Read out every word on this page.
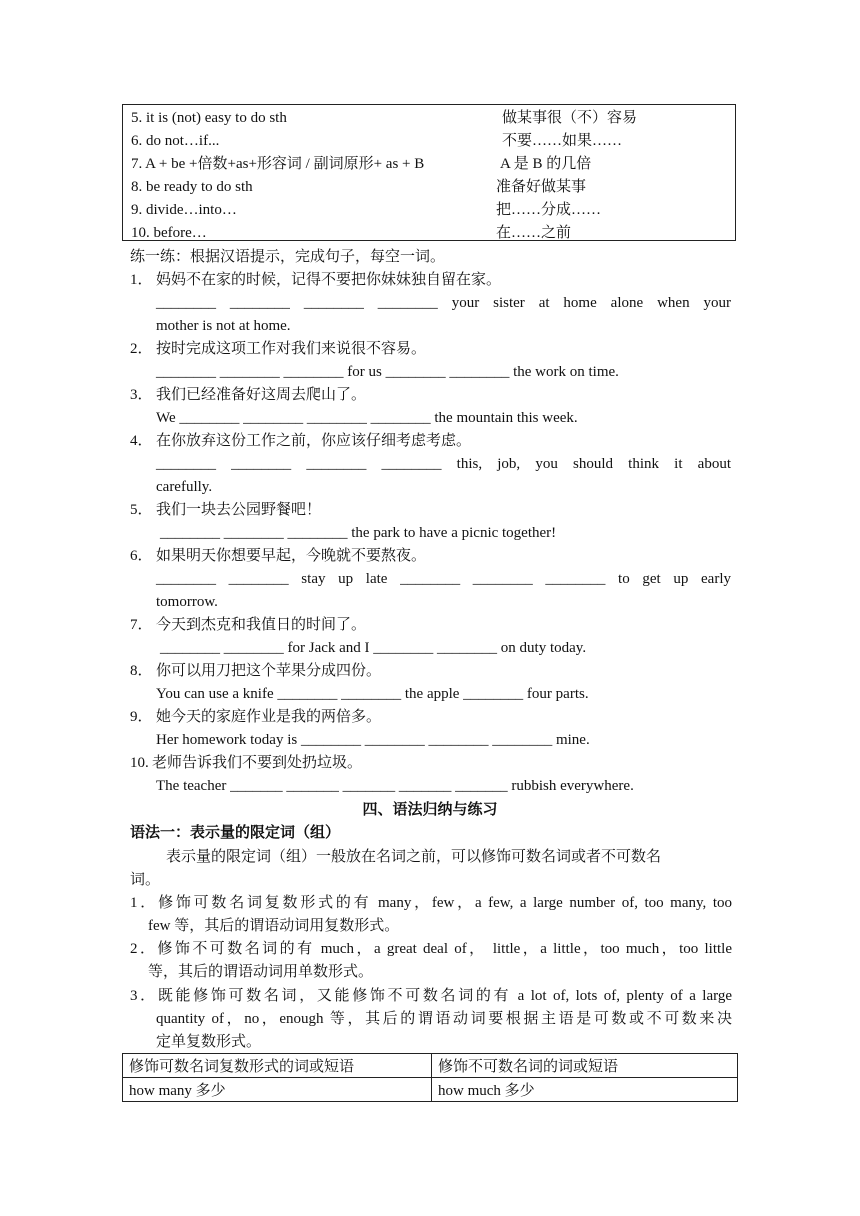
5. it is (not) easy to do sth	做某事很（不）容易
6. do not…if...	不要……如果……
7. A + be +倍数+as+形容词 / 副词原形+ as + B	A 是 B 的几倍
8. be ready to do sth	准备好做某事
9. divide…into…	把……分成……
10. before…	在……之前
练一练：根据汉语提示，完成句子，每空一词。
1． 妈妈不在家的时候，记得不要把你妹妹独自留在家。
________ ________ ________ ________ your sister at home alone when your
mother is not at home.
2． 按时完成这项工作对我们来说很不容易。
________ ________ ________ for us ________ ________ the work on time.
3． 我们已经准备好这周去爬山了。
We ________ ________ ________ ________ the mountain this week.
4． 在你放弃这份工作之前，你应该仔细考虑考虑。
________ ________ ________ ________ this, job, you should think it about
carefully.
5． 我们一块去公园野餐吧！
________ ________ ________ the park to have a picnic together!
6． 如果明天你想要早起，今晚就不要熬夜。
________ ________ stay up late ________ ________ ________ to get up early
tomorrow.
7． 今天到杰克和我值日的时间了。
________ ________ for Jack and I ________ ________ on duty today.
8． 你可以用刀把这个苹果分成四份。
You can use a knife ________ ________ the apple ________ four parts.
9． 她今天的家庭作业是我的两倍多。
Her homework today is ________ ________ ________ ________ mine.
10. 老师告诉我们不要到处扔垃圾。
The teacher _______ _______ _______ _______ _______ rubbish everywhere.
四、语法归纳与练习
语法一：表示量的限定词（组）
表示量的限定词（组）一般放在名词之前，可以修饰可数名词或者不可数名
词。
1．修饰可数名词复数形式的有 many，few，a few, a large number of, too many, too
few 等，其后的谓语动词用复数形式。
2．修饰不可数名词的有 much，a great deal of， little，a little，too much，too little
等，其后的谓语动词用单数形式。
3．既能修饰可数名词，又能修饰不可数名词的有 a lot of, lots of, plenty of a large
quantity of，no，enough 等，其后的谓语动词要根据主语是可数或不可数来决
定单复数形式。
修饰可数名词复数形式的词或短语	修饰不可数名词的词或短语
how many 多少	how much 多少
